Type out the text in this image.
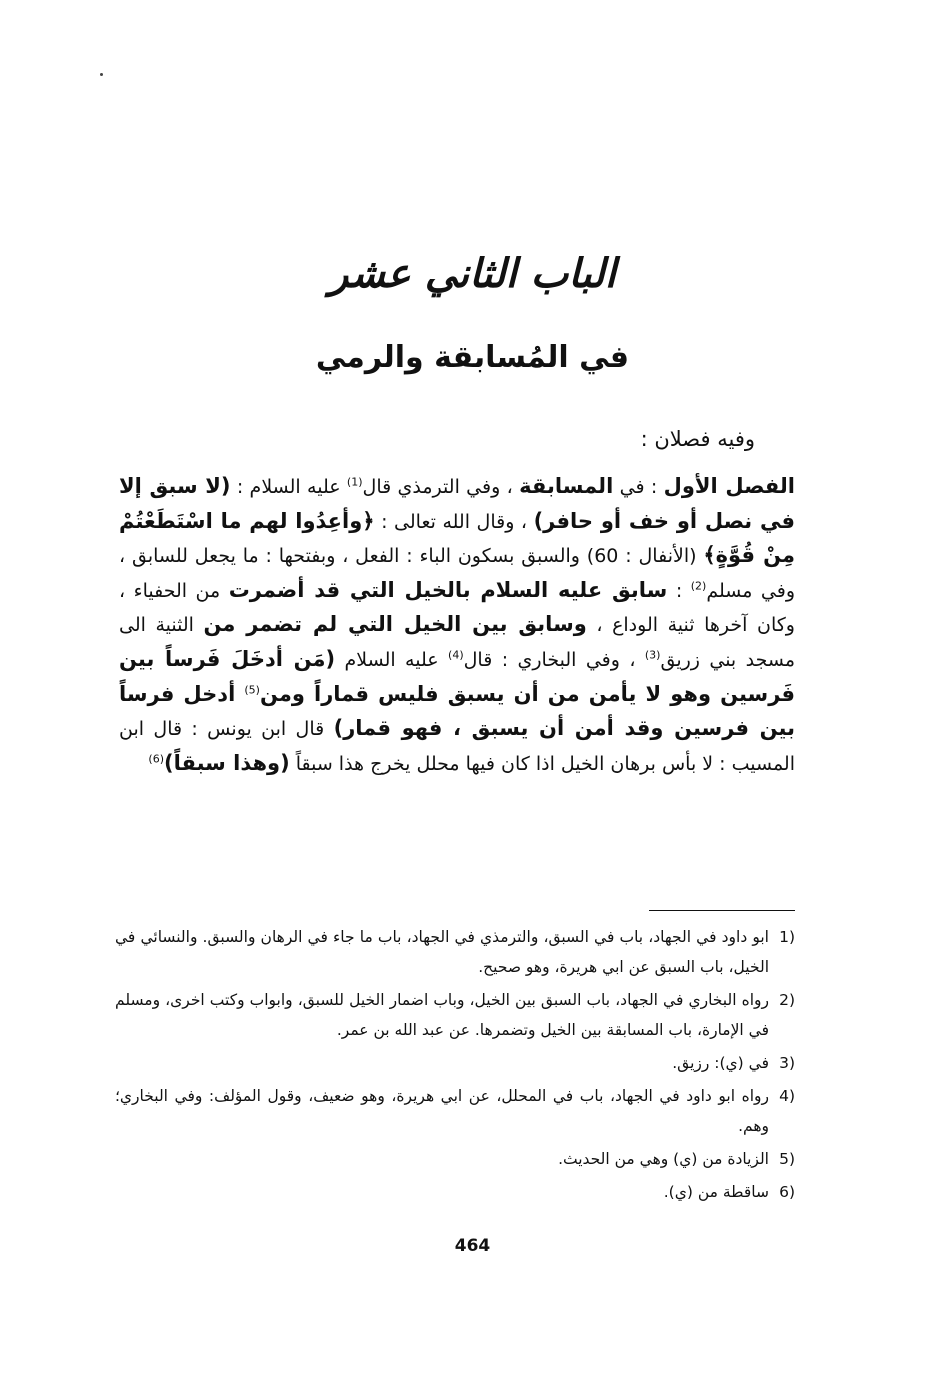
الباب الثاني عشر
في المُسابقة والرمي

وفيه فصلان :

الفصل الأول : في المسابقة ، وفي الترمذي قال$^{(1)}$ عليه السلام : (لا سبق إلا في نصل أو خف أو حافر) ، وقال الله تعالى : ﴿وأعِدُوا لهم ما اسْتَطَعْتُمْ مِنْ قُوَّةٍ﴾ (الأنفال : 60) والسبق بسكون الباء : الفعل ، وبفتحها : ما يجعل للسابق ، وفي مسلم$^{(2)}$ : سابق عليه السلام بالخيل التي قد أضمرت من الحفياء ، وكان آخرها ثنية الوداع ، وسابق بين الخيل التي لم تضمر من الثنية الى مسجد بني زريق$^{(3)}$ ، وفي البخاري : قال$^{(4)}$ عليه السلام (مَن أدخَلَ فَرساً بين فَرسين وهو لا يأمن من أن يسبق فليس قماراً ومن$^{(5)}$ أدخل فرساً بين فرسين وقد أمن أن يسبق ، فهو قمار) قال ابن يونس : قال ابن المسيب : لا بأس برهان الخيل اذا كان فيها محلل يخرج هذا سبقاً (وهذا سبقاً)$^{(6)}$

1)
ابو داود في الجهاد، باب في السبق، والترمذي في الجهاد، باب ما جاء في الرهان والسبق. والنسائي في الخيل، باب السبق عن ابي هريرة، وهو صحيح.
2)
رواه البخاري في الجهاد، باب السبق بين الخيل، وباب اضمار الخيل للسبق، وابواب وكتب اخرى، ومسلم في الإمارة، باب المسابقة بين الخيل وتضمرها. عن عبد الله بن عمر.
3)
في (ي): رزيق.
4)
رواه ابو داود في الجهاد، باب في المحلل، عن ابي هريرة، وهو ضعيف، وقول المؤلف: وفي البخاري؛ وهم.
5)
الزيادة من (ي) وهي من الحديث.
6)
ساقطة من (ي).

464
